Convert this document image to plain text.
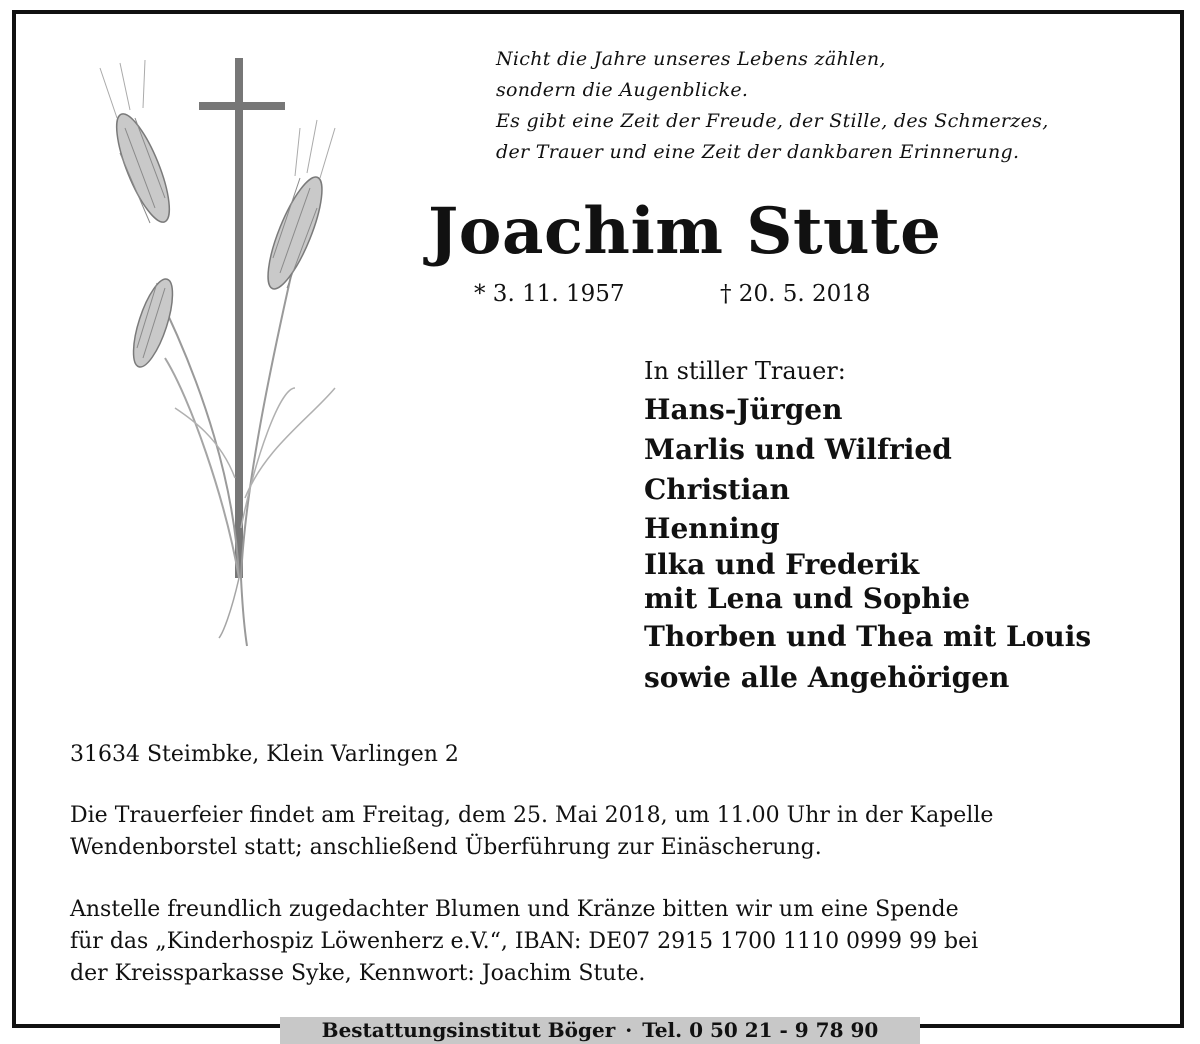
Nicht die Jahre unseres Lebens zählen,
sondern die Augenblicke.
Es gibt eine Zeit der Freude, der Stille, des Schmerzes,
der Trauer und eine Zeit der dankbaren Erinnerung.
Joachim Stute
* 3. 11. 1957	† 20. 5. 2018
In stiller Trauer:
Hans-Jürgen
Marlis und Wilfried
Christian
Henning
Ilka und Frederik
mit Lena und Sophie
Thorben und Thea mit Louis
sowie alle Angehörigen
31634 Steimbke, Klein Varlingen 2
Die Trauerfeier findet am Freitag, dem 25. Mai 2018, um 11.00 Uhr in der Kapelle
Wendenborstel statt; anschließend Überführung zur Einäscherung.
Anstelle freundlich zugedachter Blumen und Kränze bitten wir um eine Spende
für das „Kinderhospiz Löwenherz e.V.“, IBAN: DE07 2915 1700 1110 0999 99 bei
der Kreissparkasse Syke, Kennwort: Joachim Stute.
Bestattungsinstitut Böger · Tel. 0 50 21 - 9 78 90
